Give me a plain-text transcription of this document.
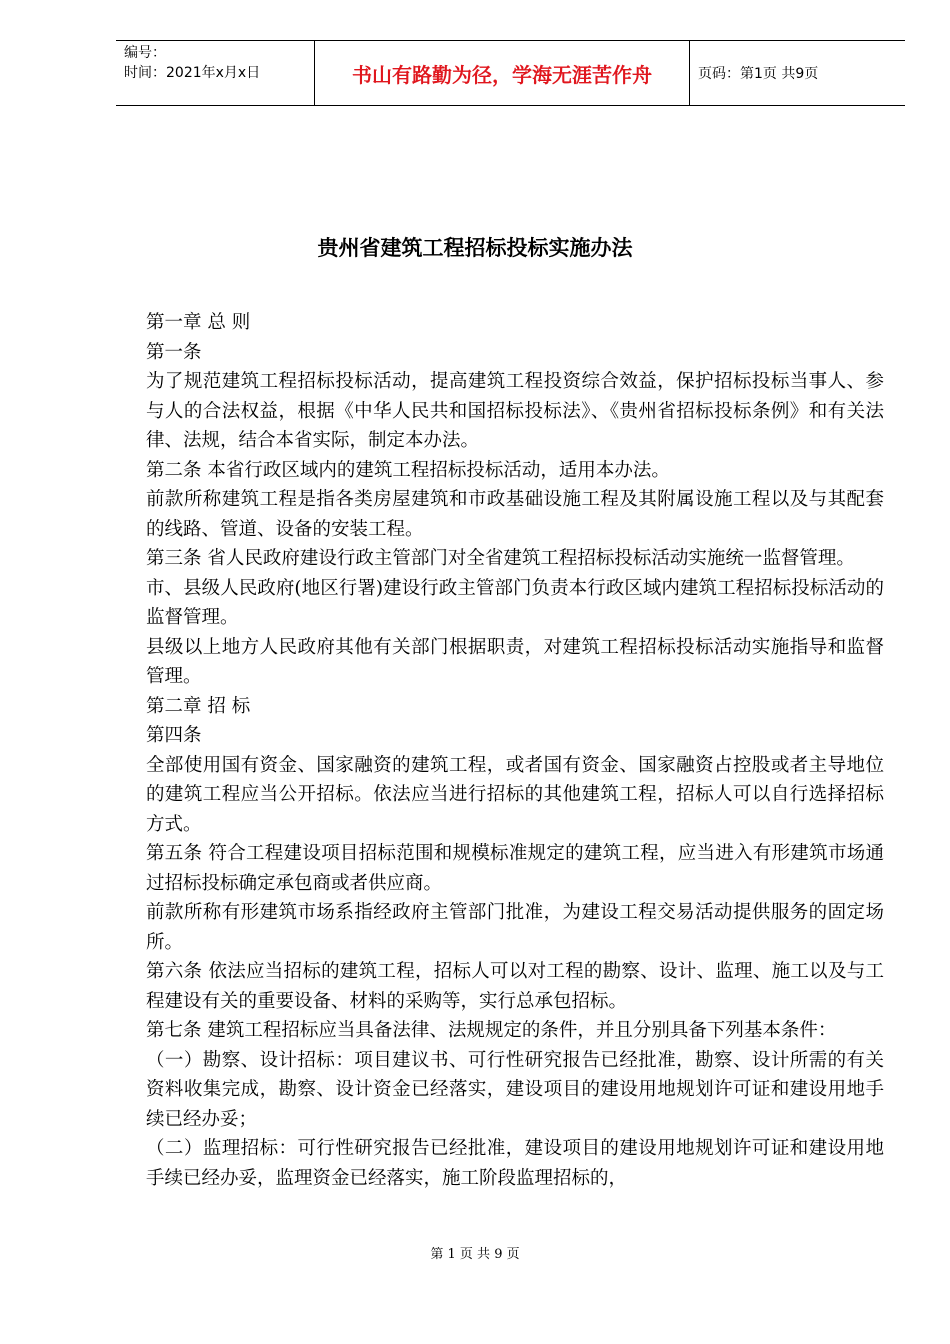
编号：
时间：2021年x月x日	书山有路勤为径，学海无涯苦作舟	页码：第1页 共9页
贵州省建筑工程招标投标实施办法

第一章 总 则

第一条

为了规范建筑工程招标投标活动，提高建筑工程投资综合效益，保护招标投标当事人、参与人的合法权益，根据《中华人民共和国招标投标法》、《贵州省招标投标条例》和有关法律、法规，结合本省实际，制定本办法。

第二条 本省行政区域内的建筑工程招标投标活动，适用本办法。

前款所称建筑工程是指各类房屋建筑和市政基础设施工程及其附属设施工程以及与其配套的线路、管道、设备的安装工程。

第三条 省人民政府建设行政主管部门对全省建筑工程招标投标活动实施统一监督管理。

市、县级人民政府(地区行署)建设行政主管部门负责本行政区域内建筑工程招标投标活动的监督管理。

县级以上地方人民政府其他有关部门根据职责，对建筑工程招标投标活动实施指导和监督管理。

第二章 招 标

第四条

全部使用国有资金、国家融资的建筑工程，或者国有资金、国家融资占控股或者主导地位的建筑工程应当公开招标。依法应当进行招标的其他建筑工程，招标人可以自行选择招标方式。

第五条 符合工程建设项目招标范围和规模标准规定的建筑工程，应当进入有形建筑市场通过招标投标确定承包商或者供应商。

前款所称有形建筑市场系指经政府主管部门批准，为建设工程交易活动提供服务的固定场所。

第六条 依法应当招标的建筑工程，招标人可以对工程的勘察、设计、监理、施工以及与工程建设有关的重要设备、材料的采购等，实行总承包招标。

第七条 建筑工程招标应当具备法律、法规规定的条件，并且分别具备下列基本条件：

（一）勘察、设计招标：项目建议书、可行性研究报告已经批准，勘察、设计所需的有关资料收集完成，勘察、设计资金已经落实，建设项目的建设用地规划许可证和建设用地手续已经办妥；

（二）监理招标：可行性研究报告已经批准，建设项目的建设用地规划许可证和建设用地手续已经办妥，监理资金已经落实，施工阶段监理招标的，

第 1 页 共 9 页
